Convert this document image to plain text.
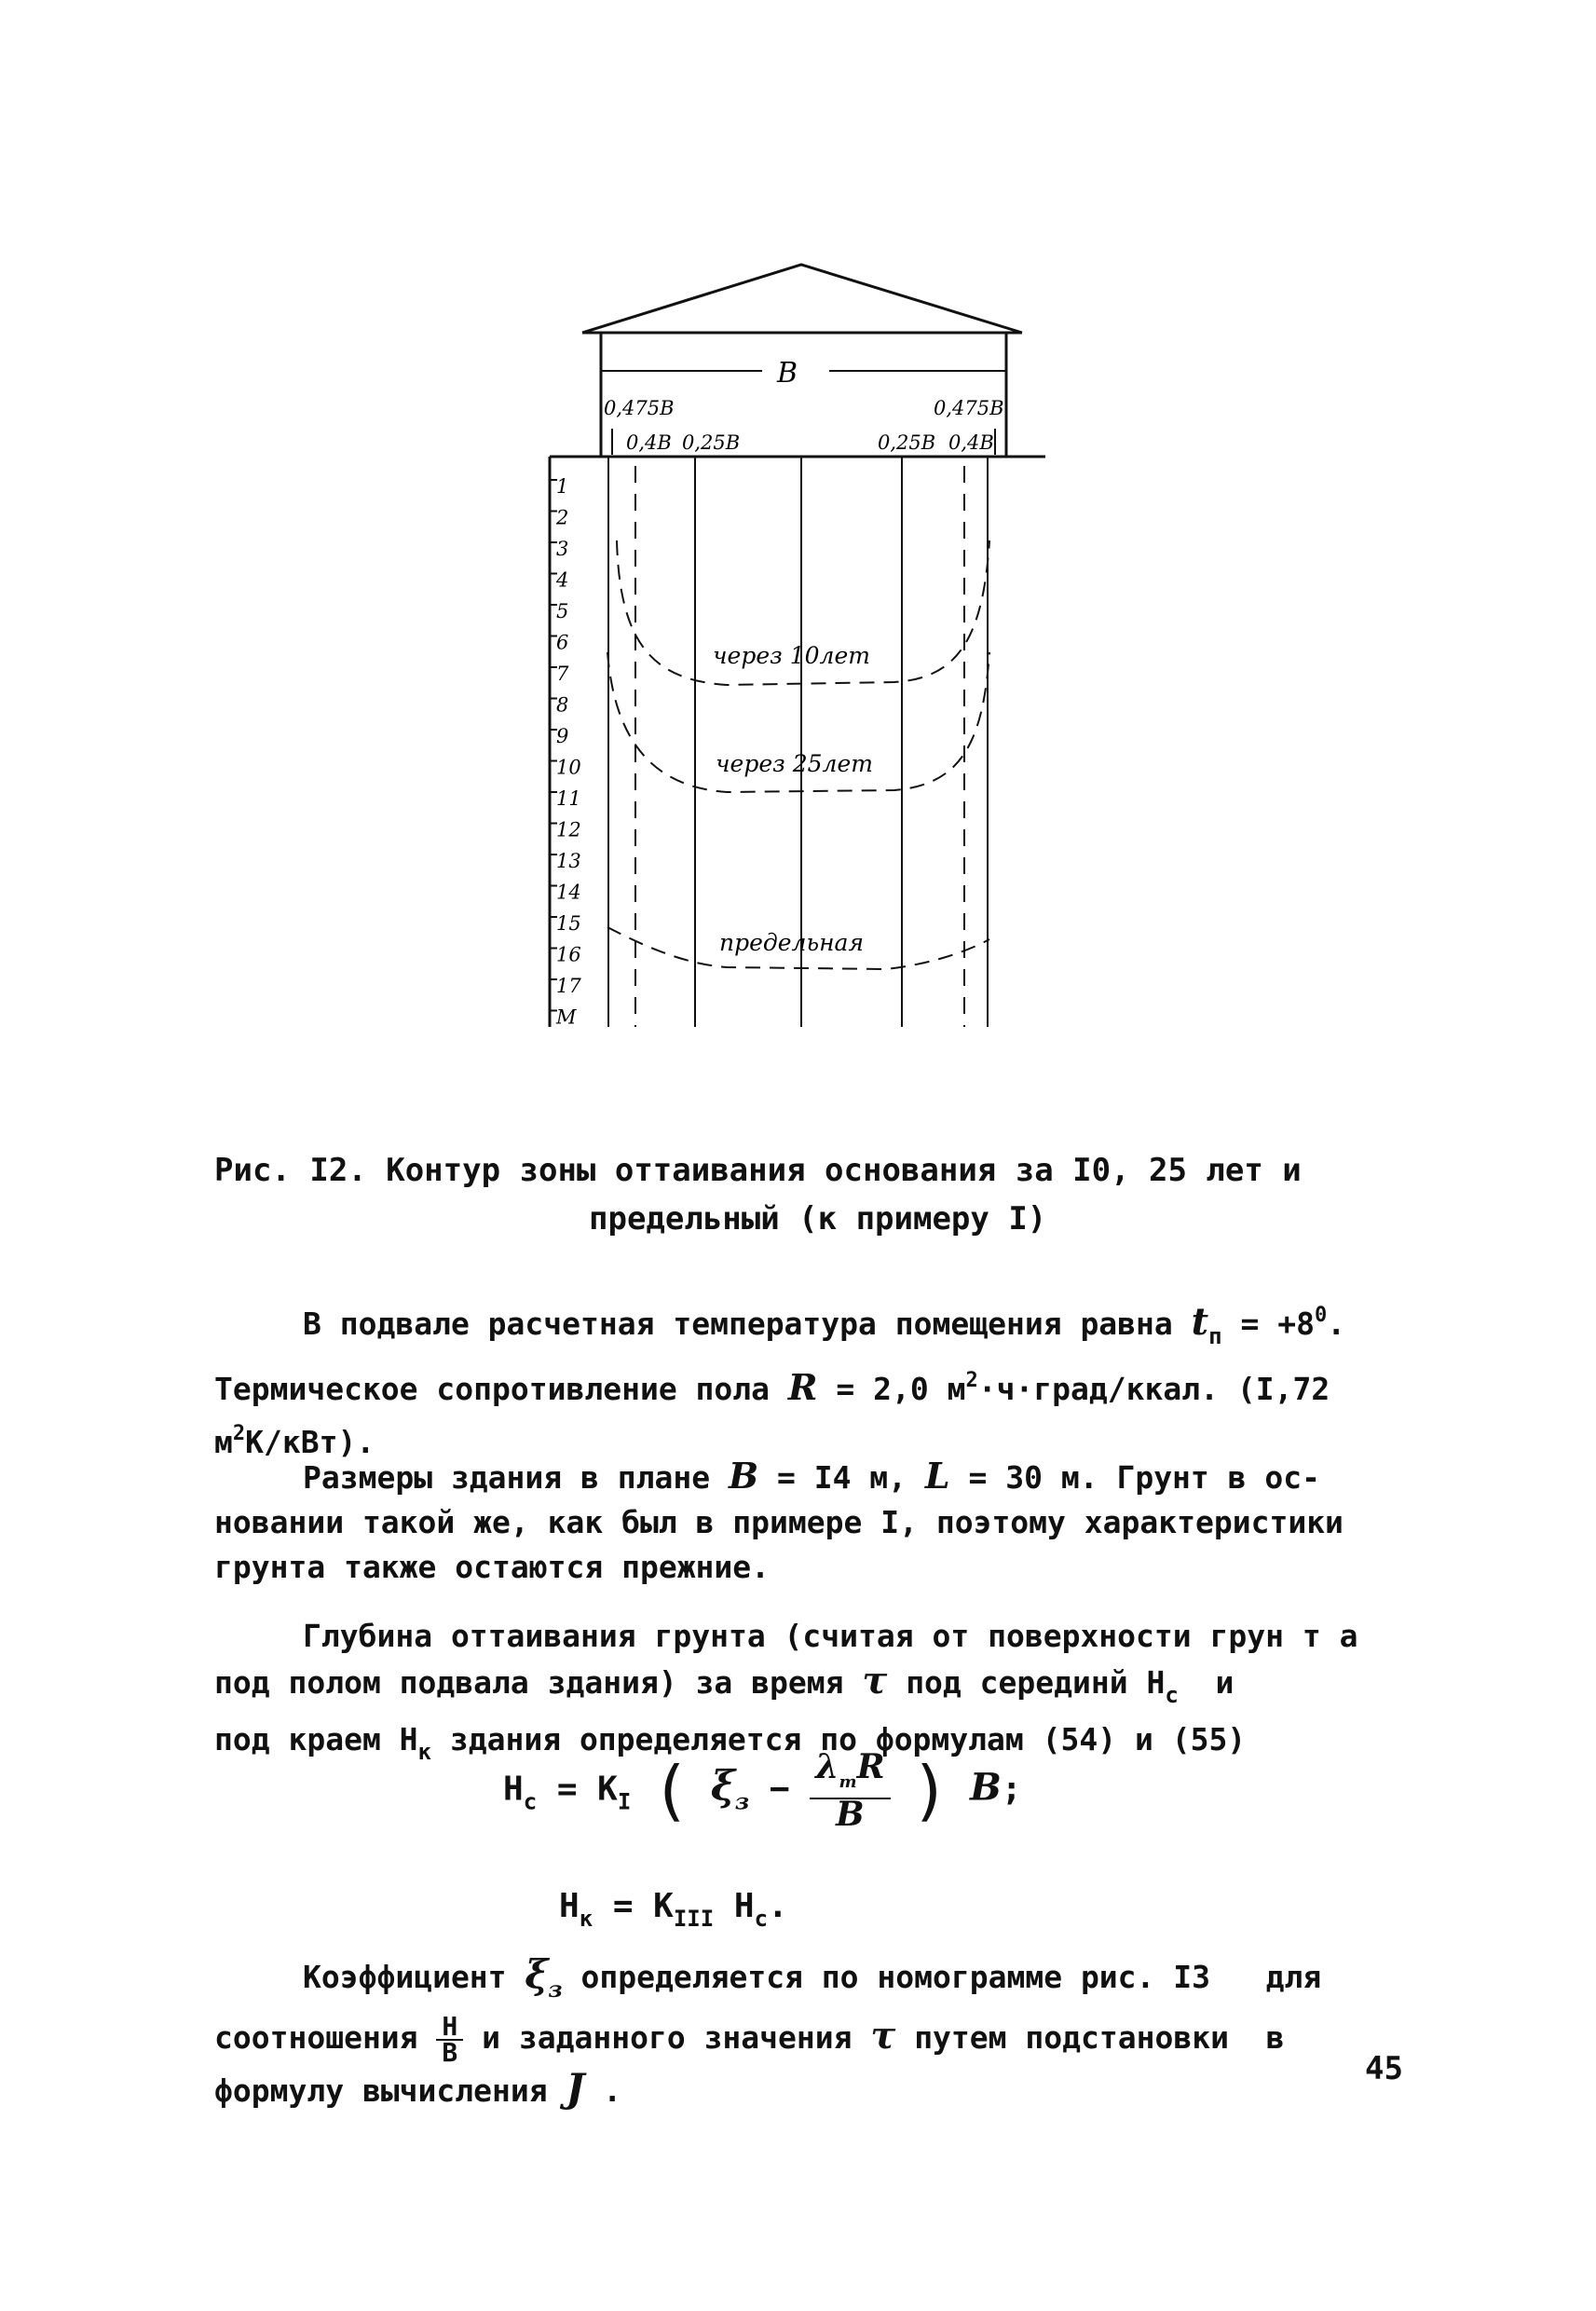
B
0,475B
0,4B 0,25B
0,475B
0,25B 0,4B
1
2
3
4
5
6
7
8
9
10
11
12
13
14
15
16
17
M
через 10лет
через 25лет
предельная
Рис. I2. Контур зоны оттаивания основания за I0, 25 лет и
предельный (к примеру I)
В подвале расчетная температура помещения равна $t_п = +8^0$.
Термическое сопротивление пола R = 2,0 $м^2\cdot ч\cdot град$/ккал. (I,72
$м^2К/кВт$).
Размеры здания в плане B = I4 м, L = 30 м. Грунт в ос-
новании такой же, как был в примере I, поэтому характеристики
грунта также остаются прежние.
Глубина оттаивания грунта (считая от поверхности грун т а
под полом подвала здания) за время τ под серединй $Н_с$  и
под краем $Н_к$ здания определяется по формулам (54) и (55)
$Н_с = К_I$ ( $\xi_з - \frac{\lambda_тR}{B}$ ) B;
$Н_к = К_{III}$ $Н_с$.
Коэффициент $\xi_з$ определяется по номограмме рис. I3   для
соотношения $\frac{Н}{В}$ и заданного значения τ путем подстановки  в
формулу вычисления J .
45
